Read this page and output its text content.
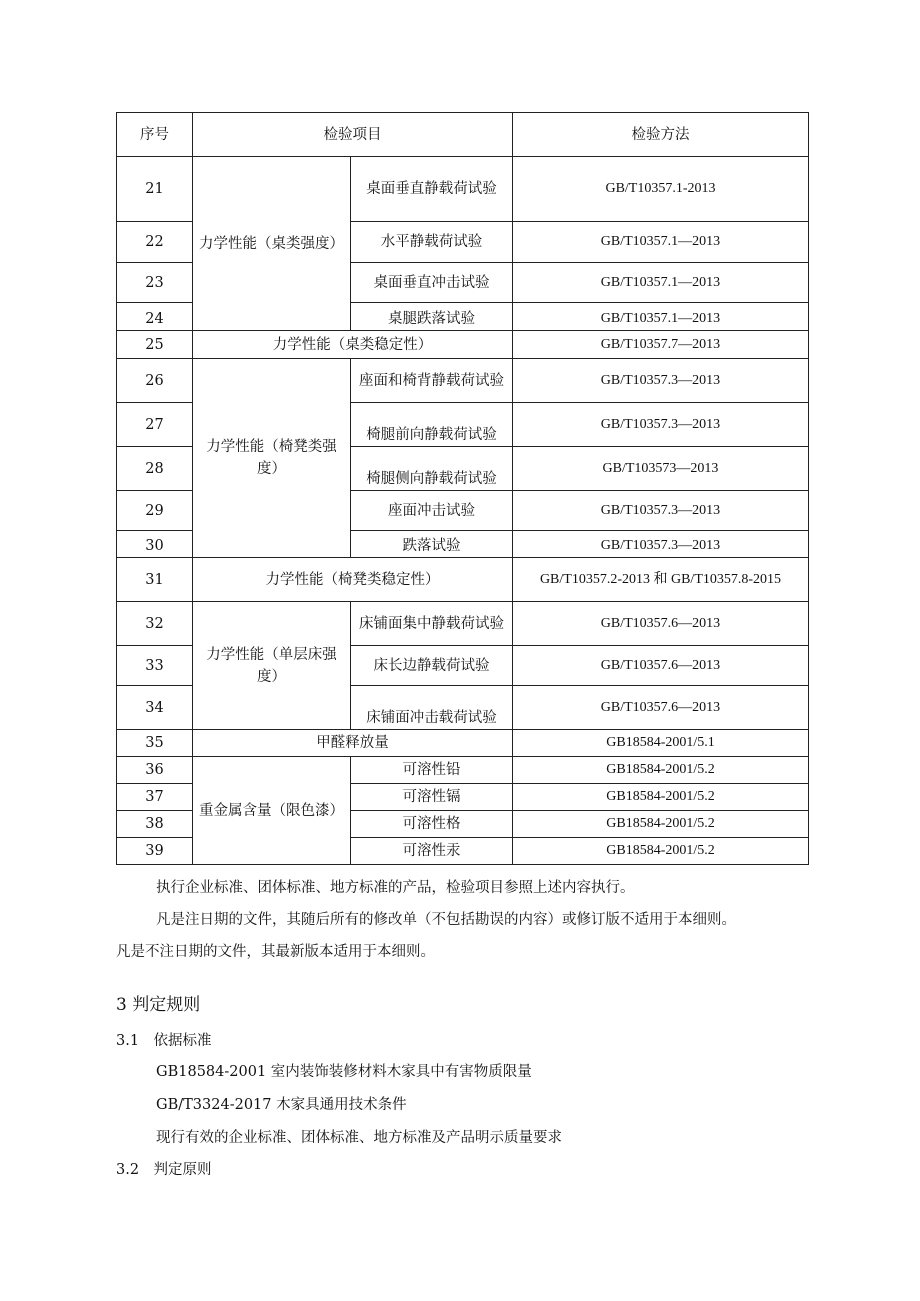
序号	检验项目		检验方法
21	力学性能（桌类强度）	桌面垂直静载荷试验	GB/T10357.1-2013
22		水平静载荷试验	GB/T10357.1—2013
23		桌面垂直冲击试验	GB/T10357.1—2013
24		桌腿跌落试验	GB/T10357.1—2013
25	力学性能（桌类稳定性）		GB/T10357.7—2013
26	力学性能（椅凳类强度）	座面和椅背静载荷试验	GB/T10357.3—2013
27		椅腿前向静载荷试验	GB/T10357.3—2013
28		椅腿侧向静载荷试验	GB/T103573—2013
29		座面冲击试验	GB/T10357.3—2013
30		跌落试验	GB/T10357.3—2013
31	力学性能（椅凳类稳定性）		GB/T10357.2-2013 和 GB/T10357.8-2015
32	力学性能（单层床强度）	床铺面集中静载荷试验	GB/T10357.6—2013
33		床长边静载荷试验	GB/T10357.6—2013
34		床铺面冲击载荷试验	GB/T10357.6—2013
35	甲醛释放量		GB18584-2001/5.1
36	重金属含量（限色漆）	可溶性铅	GB18584-2001/5.2
37		可溶性镉	GB18584-2001/5.2
38		可溶性格	GB18584-2001/5.2
39		可溶性汞	GB18584-2001/5.2
执行企业标准、团体标准、地方标准的产品，检验项目参照上述内容执行。
凡是注日期的文件，其随后所有的修改单（不包括勘误的内容）或修订版不适用于本细则。
凡是不注日期的文件，其最新版本适用于本细则。
3 判定规则
3.1　依据标准
GB18584-2001 室内装饰装修材料木家具中有害物质限量
GB/T3324-2017 木家具通用技术条件
现行有效的企业标准、团体标准、地方标准及产品明示质量要求
3.2　判定原则
